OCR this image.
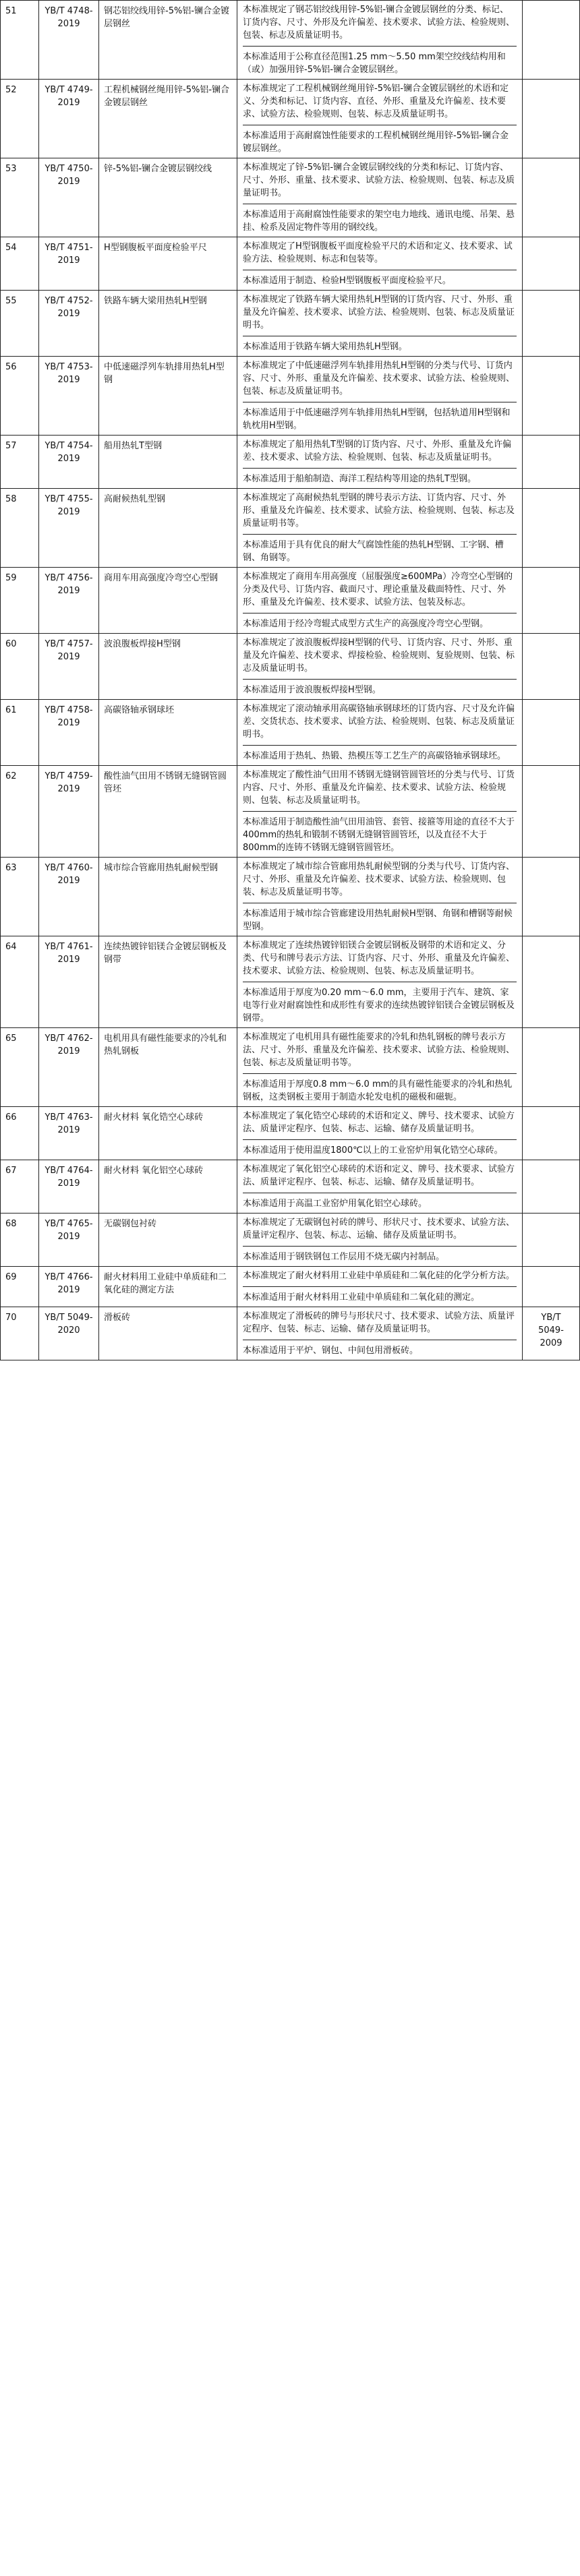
51	YB/T 4748-2019	钢芯铝绞线用锌-5%铝-镧合金镀层钢丝	本标准规定了钢芯铝绞线用锌-5%铝-镧合金镀层钢丝的分类、标记、订货内容、尺寸、外形及允许偏差、技术要求、试验方法、检验规则、包装、标志及质量证明书。
本标准适用于公称直径范围1.25 mm～5.50 mm架空绞线结构用和（或）加强用锌-5%铝-镧合金镀层钢丝。	

52	YB/T 4749-2019	工程机械钢丝绳用锌-5%铝-镧合金镀层钢丝	本标准规定了工程机械钢丝绳用锌-5%铝-镧合金镀层钢丝的术语和定义、分类和标记、订货内容、直径、外形、重量及允许偏差、技术要求、试验方法、检验规则、包装、标志及质量证明书。
本标准适用于高耐腐蚀性能要求的工程机械钢丝绳用锌-5%铝-镧合金镀层钢丝。	

53	YB/T 4750-2019	锌-5%铝-镧合金镀层钢绞线	本标准规定了锌-5%铝-镧合金镀层钢绞线的分类和标记、订货内容、尺寸、外形、重量、技术要求、试验方法、检验规则、包装、标志及质量证明书。
本标准适用于高耐腐蚀性能要求的架空电力地线、通讯电缆、吊架、悬挂、检系及固定物件等用的钢绞线。	

54	YB/T 4751-2019	H型钢腹板平面度检验平尺	本标准规定了H型钢腹板平面度检验平尺的术语和定义、技术要求、试验方法、检验规则、标志和包装等。
本标准适用于制造、检验H型钢腹板平面度检验平尺。	

55	YB/T 4752-2019	铁路车辆大梁用热轧H型钢	本标准规定了铁路车辆大梁用热轧H型钢的订货内容、尺寸、外形、重量及允许偏差、技术要求、试验方法、检验规则、包装、标志及质量证明书。
本标准适用于铁路车辆大梁用热轧H型钢。	

56	YB/T 4753-2019	中低速磁浮列车轨排用热轧H型钢	本标准规定了中低速磁浮列车轨排用热轧H型钢的分类与代号、订货内容、尺寸、外形、重量及允许偏差、技术要求、试验方法、检验规则、包装、标志及质量证明书。
本标准适用于中低速磁浮列车轨排用热轧H型钢，包括轨道用H型钢和轨枕用H型钢。	

57	YB/T 4754-2019	船用热轧T型钢	本标准规定了船用热轧T型钢的订货内容、尺寸、外形、重量及允许偏差、技术要求、试验方法、检验规则、包装、标志及质量证明书。
本标准适用于船舶制造、海洋工程结构等用途的热轧T型钢。	

58	YB/T 4755-2019	高耐候热轧型钢	本标准规定了高耐候热轧型钢的牌号表示方法、订货内容、尺寸、外形、重量及允许偏差、技术要求、试验方法、检验规则、包装、标志及质量证明书等。
本标准适用于具有优良的耐大气腐蚀性能的热轧H型钢、工字钢、槽钢、角钢等。	

59	YB/T 4756-2019	商用车用高强度冷弯空心型钢	本标准规定了商用车用高强度（屈服强度≥600MPa）冷弯空心型钢的分类及代号、订货内容、截面尺寸、理论重量及截面特性、尺寸、外形、重量及允许偏差、技术要求、试验方法、包装及标志。
本标准适用于经冷弯辊式成型方式生产的高强度冷弯空心型钢。	

60	YB/T 4757-2019	波浪腹板焊接H型钢	本标准规定了波浪腹板焊接H型钢的代号、订货内容、尺寸、外形、重量及允许偏差、技术要求、焊接检验、检验规则、复验规则、包装、标志及质量证明书。
本标准适用于波浪腹板焊接H型钢。	

61	YB/T 4758-2019	高碳铬轴承钢球坯	本标准规定了滚动轴承用高碳铬轴承钢球坯的订货内容、尺寸及允许偏差、交货状态、技术要求、试验方法、检验规则、包装、标志及质量证明书。
本标准适用于热轧、热锻、热模压等工艺生产的高碳铬轴承钢球坯。	

62	YB/T 4759-2019	酸性油气田用不锈钢无缝钢管圆管坯	本标准规定了酸性油气田用不锈钢无缝钢管圆管坯的分类与代号、订货内容、尺寸、外形、重量及允许偏差、技术要求、试验方法、检验规则、包装、标志及质量证明书。
本标准适用于制造酸性油气田用油管、套管、接箍等用途的直径不大于400mm的热轧和锻制不锈钢无缝钢管圆管坯，以及直径不大于800mm的连铸不锈钢无缝钢管圆管坯。	

63	YB/T 4760-2019	城市综合管廊用热轧耐候型钢	本标准规定了城市综合管廊用热轧耐候型钢的分类与代号、订货内容、尺寸、外形、重量及允许偏差、技术要求、试验方法、检验规则、包装、标志及质量证明书等。
本标准适用于城市综合管廊建设用热轧耐候H型钢、角钢和槽钢等耐候型钢。	

64	YB/T 4761-2019	连续热镀锌铝镁合金镀层钢板及钢带	本标准规定了连续热镀锌铝镁合金镀层钢板及钢带的术语和定义、分类、代号和牌号表示方法、订货内容、尺寸、外形、重量及允许偏差、技术要求、试验方法、检验规则、包装、标志及质量证明书。
本标准适用于厚度为0.20 mm～6.0 mm，主要用于汽车、建筑、家电等行业对耐腐蚀性和成形性有要求的连续热镀锌铝镁合金镀层钢板及钢带。	

65	YB/T 4762-2019	电机用具有磁性能要求的冷轧和热轧钢板	本标准规定了电机用具有磁性能要求的冷轧和热轧钢板的牌号表示方法、尺寸、外形、重量及允许偏差、技术要求、试验方法、检验规则、包装、标志及质量证明书等。
本标准适用于厚度0.8 mm～6.0 mm的具有磁性能要求的冷轧和热轧钢板，这类钢板主要用于制造水轮发电机的磁极和磁轭。	

66	YB/T 4763-2019	耐火材料 氧化锆空心球砖	本标准规定了氧化锆空心球砖的术语和定义、牌号、技术要求、试验方法、质量评定程序、包装、标志、运输、储存及质量证明书。
本标准适用于使用温度1800℃以上的工业窑炉用氧化锆空心球砖。	

67	YB/T 4764-2019	耐火材料 氧化铝空心球砖	本标准规定了氧化铝空心球砖的术语和定义、牌号、技术要求、试验方法、质量评定程序、包装、标志、运输、储存及质量证明书。
本标准适用于高温工业窑炉用氧化铝空心球砖。	

68	YB/T 4765-2019	无碳钢包衬砖	本标准规定了无碳钢包衬砖的牌号、形状尺寸、技术要求、试验方法、质量评定程序、包装、标志、运输、储存及质量证明书。
本标准适用于钢铁钢包工作层用不烧无碳内衬制品。	

69	YB/T 4766-2019	耐火材料用工业硅中单质硅和二氧化硅的测定方法	本标准规定了耐火材料用工业硅中单质硅和二氧化硅的化学分析方法。
本标准适用于耐火材料用工业硅中单质硅和二氧化硅的测定。	

70	YB/T 5049-2020	滑板砖	本标准规定了滑板砖的牌号与形状尺寸、技术要求、试验方法、质量评定程序、包装、标志、运输、储存及质量证明书。
本标准适用于平炉、钢包、中间包用滑板砖。	YB/T 5049-2009
